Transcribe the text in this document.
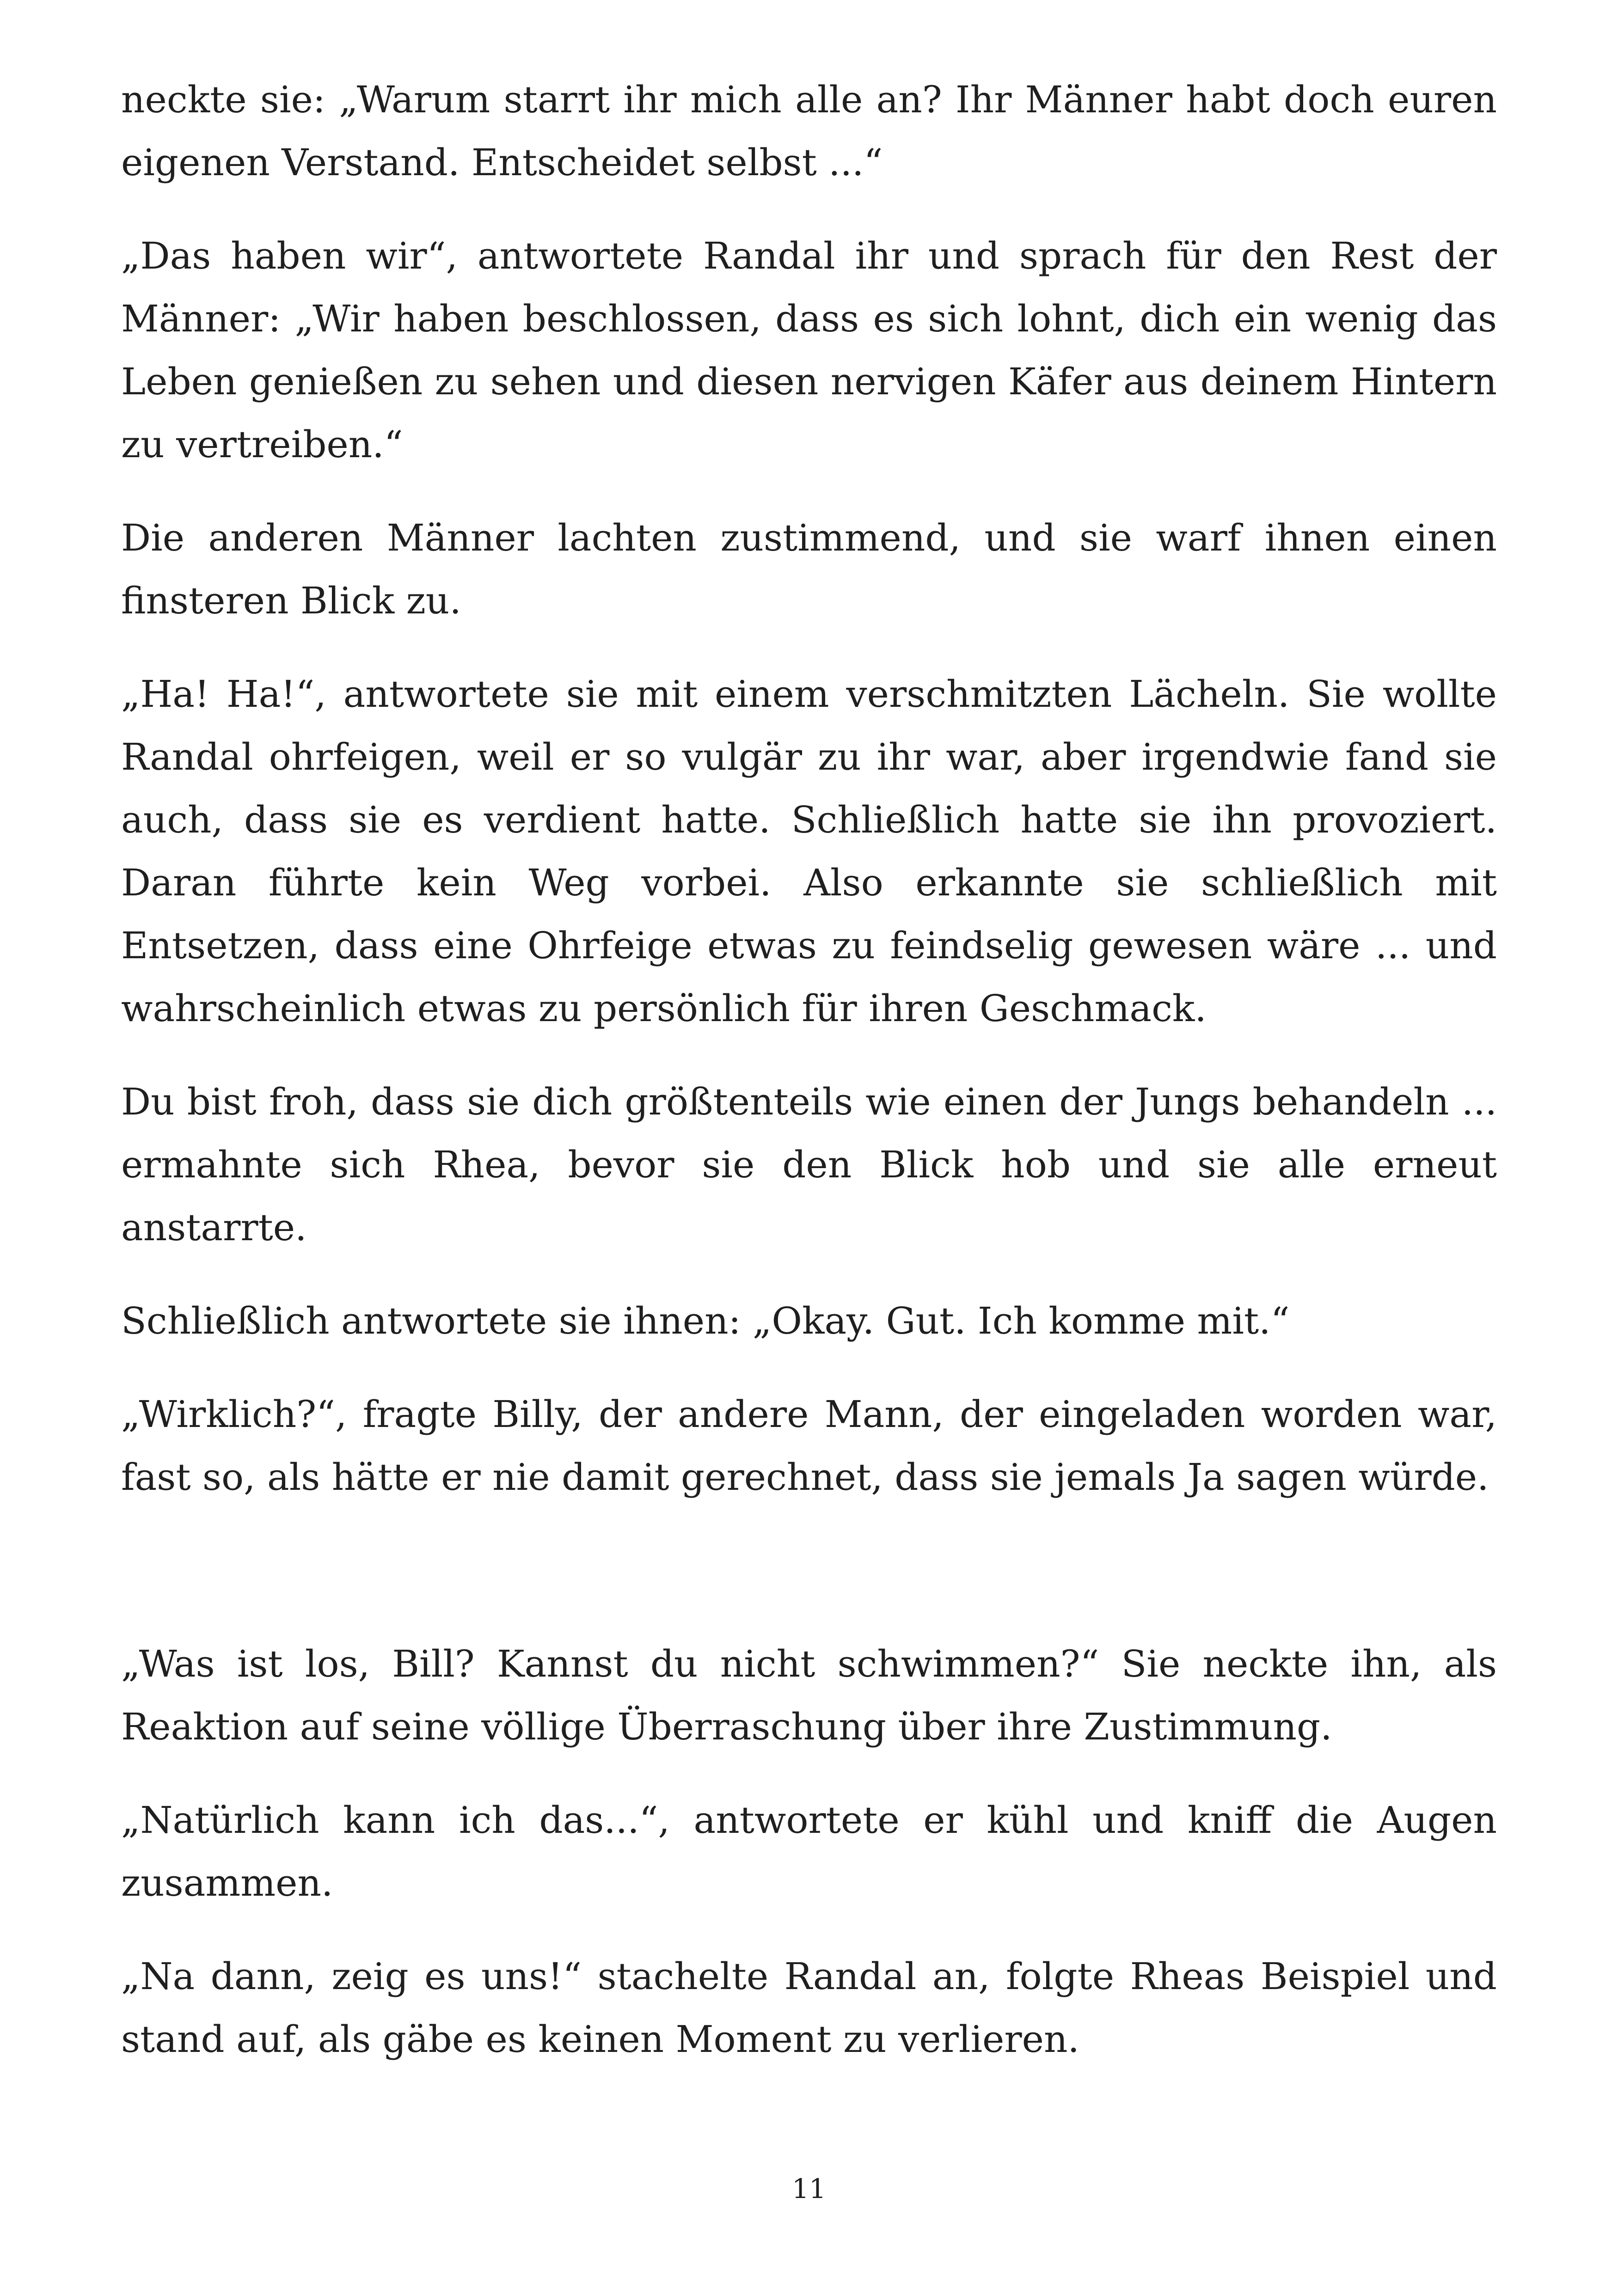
neckte sie: „Warum starrt ihr mich alle an? Ihr Männer habt doch euren eigenen Verstand. Entscheidet selbst ...“

„Das haben wir“, antwortete Randal ihr und sprach für den Rest der Männer: „Wir haben beschlossen, dass es sich lohnt, dich ein wenig das Leben genießen zu sehen und diesen nervigen Käfer aus deinem Hintern zu vertreiben.“

Die anderen Männer lachten zustimmend, und sie warf ihnen einen finsteren Blick zu.

„Ha! Ha!“, antwortete sie mit einem verschmitzten Lächeln. Sie wollte Randal ohrfeigen, weil er so vulgär zu ihr war, aber irgendwie fand sie auch, dass sie es verdient hatte. Schließlich hatte sie ihn provoziert. Daran führte kein Weg vorbei. Also erkannte sie schließlich mit Entsetzen, dass eine Ohrfeige etwas zu feindselig gewesen wäre ... und wahrscheinlich etwas zu persönlich für ihren Geschmack.

Du bist froh, dass sie dich größtenteils wie einen der Jungs behandeln ... ermahnte sich Rhea, bevor sie den Blick hob und sie alle erneut anstarrte.

Schließlich antwortete sie ihnen: „Okay. Gut. Ich komme mit.“

„Wirklich?“, fragte Billy, der andere Mann, der eingeladen worden war, fast so, als hätte er nie damit gerechnet, dass sie jemals Ja sagen würde.

„Was ist los, Bill? Kannst du nicht schwimmen?“ Sie neckte ihn, als Reaktion auf seine völlige Überraschung über ihre Zustimmung.

„Natürlich kann ich das...“, antwortete er kühl und kniff die Augen zusammen.

„Na dann, zeig es uns!“ stachelte Randal an, folgte Rheas Beispiel und stand auf, als gäbe es keinen Moment zu verlieren.

11
